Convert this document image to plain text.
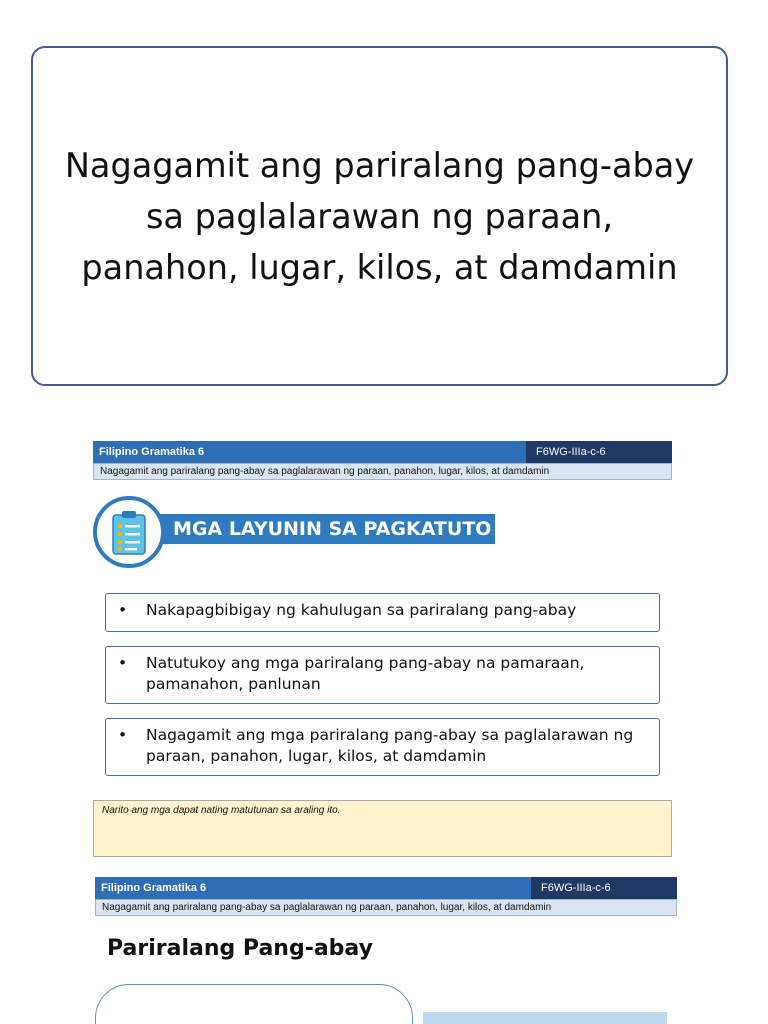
Nagagamit ang pariralang pang-abay
sa paglalarawan ng paraan,
panahon, lugar, kilos, at damdamin
Filipino Gramatika 6	F6WG-IIIa-c-6
Nagagamit ang pariralang pang-abay sa paglalarawan ng paraan, panahon, lugar, kilos, at damdamin
MGA LAYUNIN SA PAGKATUTO
•	Nakapagbibigay ng kahulugan sa pariralang pang-abay
•	Natutukoy ang mga pariralang pang-abay na pamaraan, pamanahon, panlunan
•	Nagagamit ang mga pariralang pang-abay sa paglalarawan ng paraan, panahon, lugar, kilos, at damdamin
Narito ang mga dapat nating matutunan sa araling ito.
Filipino Gramatika 6	F6WG-IIIa-c-6
Nagagamit ang pariralang pang-abay sa paglalarawan ng paraan, panahon, lugar, kilos, at damdamin
Pariralang Pang-abay
